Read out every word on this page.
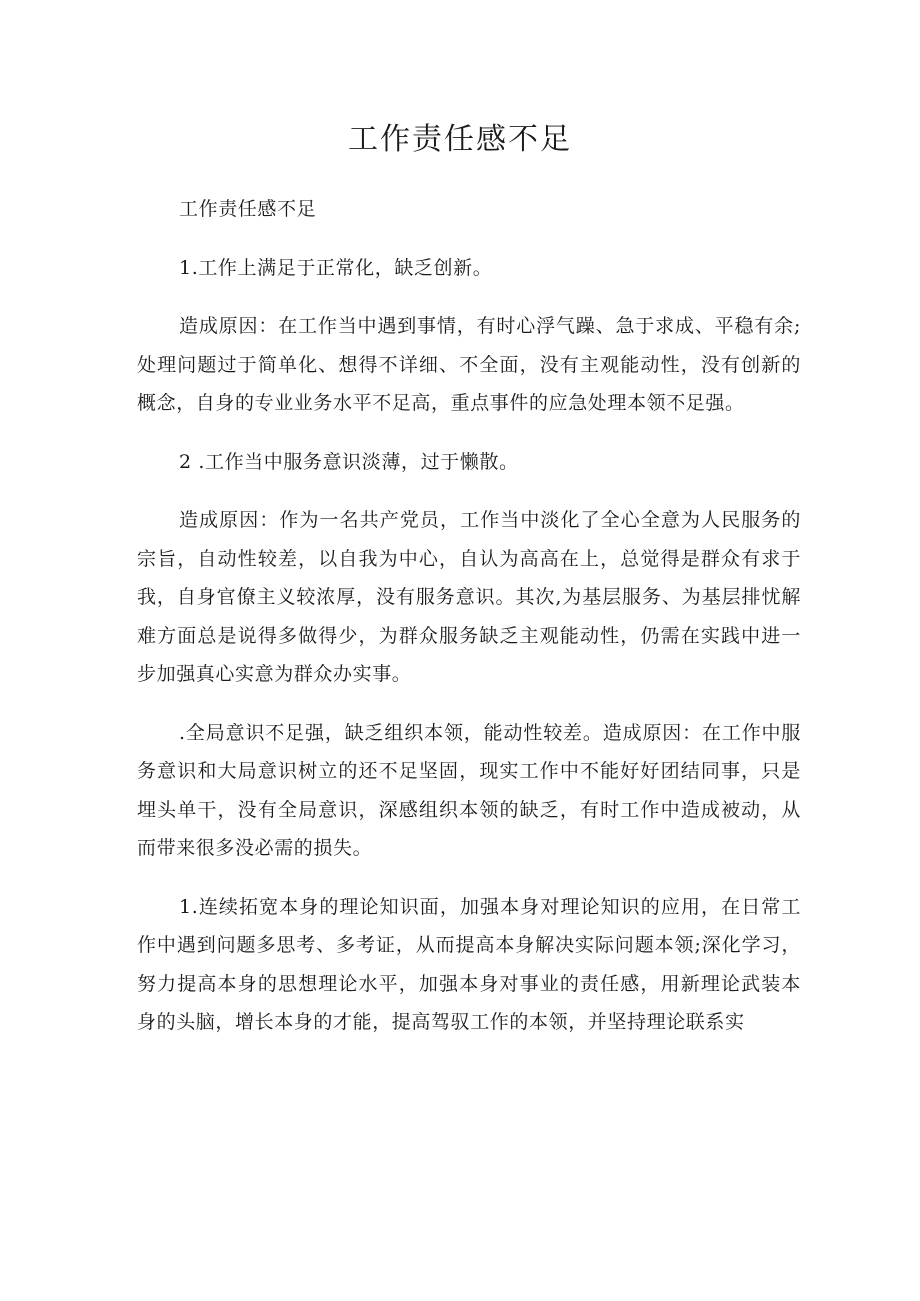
工作责任感不足

工作责任感不足

1.工作上满足于正常化，缺乏创新。

造成原因：在工作当中遇到事情，有时心浮气躁、急于求成、平稳有余;处理问题过于简单化、想得不详细、不全面，没有主观能动性，没有创新的概念，自身的专业业务水平不足高，重点事件的应急处理本领不足强。

2 .工作当中服务意识淡薄，过于懒散。

造成原因：作为一名共产党员，工作当中淡化了全心全意为人民服务的宗旨，自动性较差，以自我为中心，自认为高高在上，总觉得是群众有求于我，自身官僚主义较浓厚，没有服务意识。其次,为基层服务、为基层排忧解难方面总是说得多做得少，为群众服务缺乏主观能动性，仍需在实践中进一步加强真心实意为群众办实事。

.全局意识不足强，缺乏组织本领，能动性较差。造成原因：在工作中服务意识和大局意识树立的还不足坚固，现实工作中不能好好团结同事，只是埋头单干，没有全局意识，深感组织本领的缺乏，有时工作中造成被动，从而带来很多没必需的损失。

1.连续拓宽本身的理论知识面，加强本身对理论知识的应用，在日常工作中遇到问题多思考、多考证，从而提高本身解决实际问题本领;深化学习，努力提高本身的思想理论水平，加强本身对事业的责任感，用新理论武装本身的头脑，增长本身的才能，提高驾驭工作的本领，并坚持理论联系实
